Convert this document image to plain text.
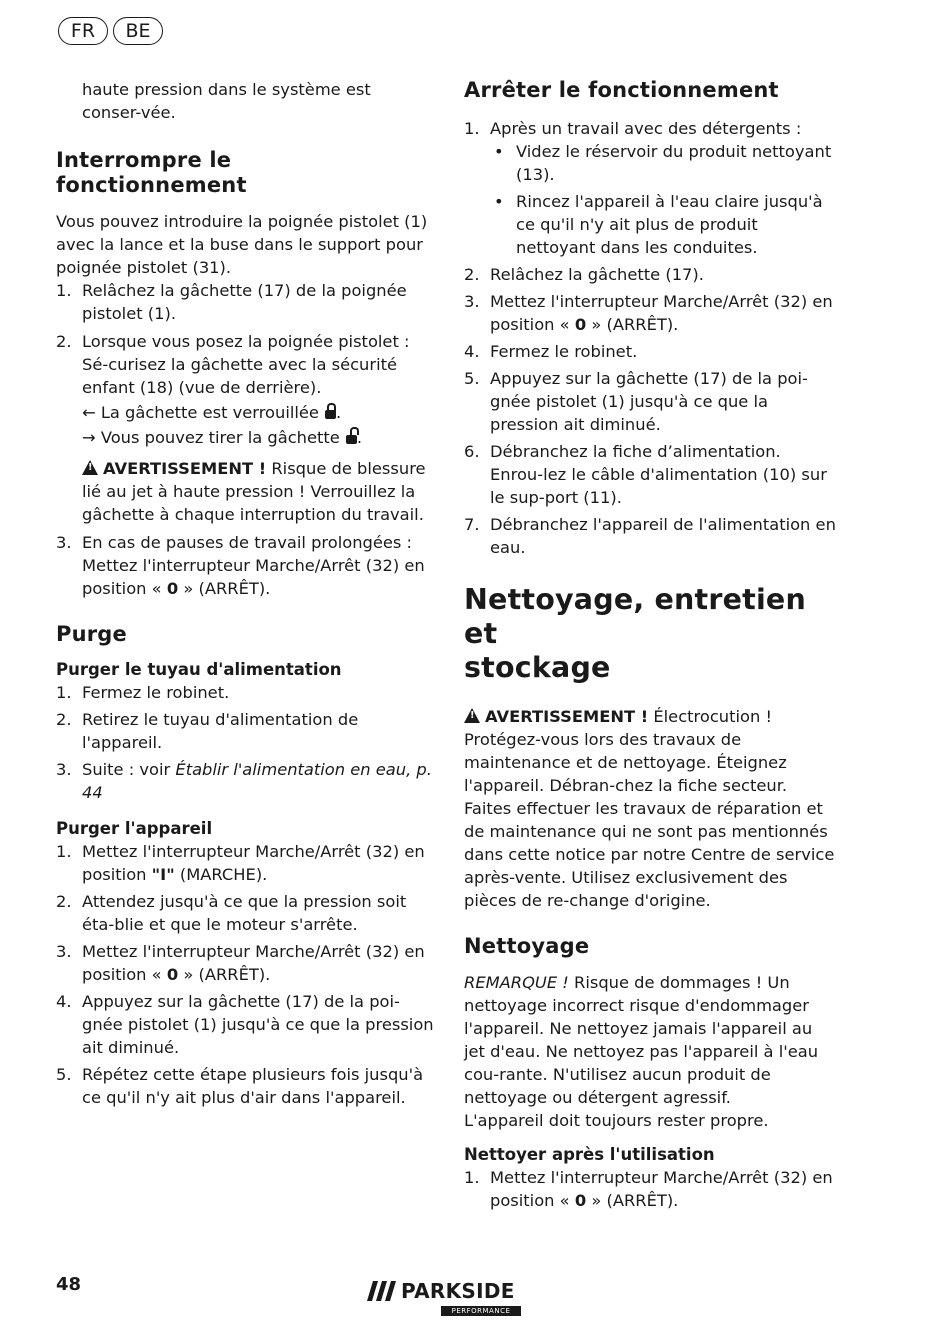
FR	BE

haute pression dans le système est conser-vée.

Interrompre le
fonctionnement

Vous pouvez introduire la poignée pistolet (1) avec la lance et la buse dans le support pour poignée pistolet (31).

1. Relâchez la gâchette (17) de la poignée pistolet (1).
2. Lorsque vous posez la poignée pistolet : Sé-curisez la gâchette avec la sécurité enfant (18) (vue de derrière).
← La gâchette est verrouillée .
→ Vous pouvez tirer la gâchette .
!AVERTISSEMENT ! Risque de blessure lié au jet à haute pression ! Verrouillez la gâchette à chaque interruption du travail.
3. En cas de pauses de travail prolongées : Mettez l'interrupteur Marche/Arrêt (32) en position « 0 » (ARRÊT).
Purge
Purger le tuyau d'alimentation
1. Fermez le robinet.
2. Retirez le tuyau d'alimentation de l'appareil.
3. Suite : voir Établir l'alimentation en eau, p. 44
Purger l'appareil
1. Mettez l'interrupteur Marche/Arrêt (32) en position "I" (MARCHE).
2. Attendez jusqu'à ce que la pression soit éta-blie et que le moteur s'arrête.
3. Mettez l'interrupteur Marche/Arrêt (32) en position « 0 » (ARRÊT).
4. Appuyez sur la gâchette (17) de la poi-gnée pistolet (1) jusqu'à ce que la pression ait diminué.
5. Répétez cette étape plusieurs fois jusqu'à ce qu'il n'y ait plus d'air dans l'appareil.
Arrêter le fonctionnement
1. Après un travail avec des détergents :
• Videz le réservoir du produit nettoyant (13).
• Rincez l'appareil à l'eau claire jusqu'à ce qu'il n'y ait plus de produit nettoyant dans les conduites.
2. Relâchez la gâchette (17).
3. Mettez l'interrupteur Marche/Arrêt (32) en position « 0 » (ARRÊT).
4. Fermez le robinet.
5. Appuyez sur la gâchette (17) de la poi-gnée pistolet (1) jusqu'à ce que la pression ait diminué.
6. Débranchez la fiche d’alimentation. Enrou-lez le câble d'alimentation (10) sur le sup-port (11).
7. Débranchez l'appareil de l'alimentation en eau.
Nettoyage, entretien et
stockage

!AVERTISSEMENT ! Électrocution ! Protégez-vous lors des travaux de maintenance et de nettoyage. Éteignez l'appareil. Débran-chez la fiche secteur.

Faites effectuer les travaux de réparation et de maintenance qui ne sont pas mentionnés dans cette notice par notre Centre de service après-vente. Utilisez exclusivement des pièces de re-change d'origine.

Nettoyage

REMARQUE ! Risque de dommages ! Un nettoyage incorrect risque d'endommager l'appareil. Ne nettoyez jamais l'appareil au jet d'eau. Ne nettoyez pas l'appareil à l'eau cou-rante. N'utilisez aucun produit de nettoyage ou détergent agressif.

L'appareil doit toujours rester propre.

Nettoyer après l'utilisation
1. Mettez l'interrupteur Marche/Arrêt (32) en position « 0 » (ARRÊT).
48	PARKSIDE
PERFORMANCE
